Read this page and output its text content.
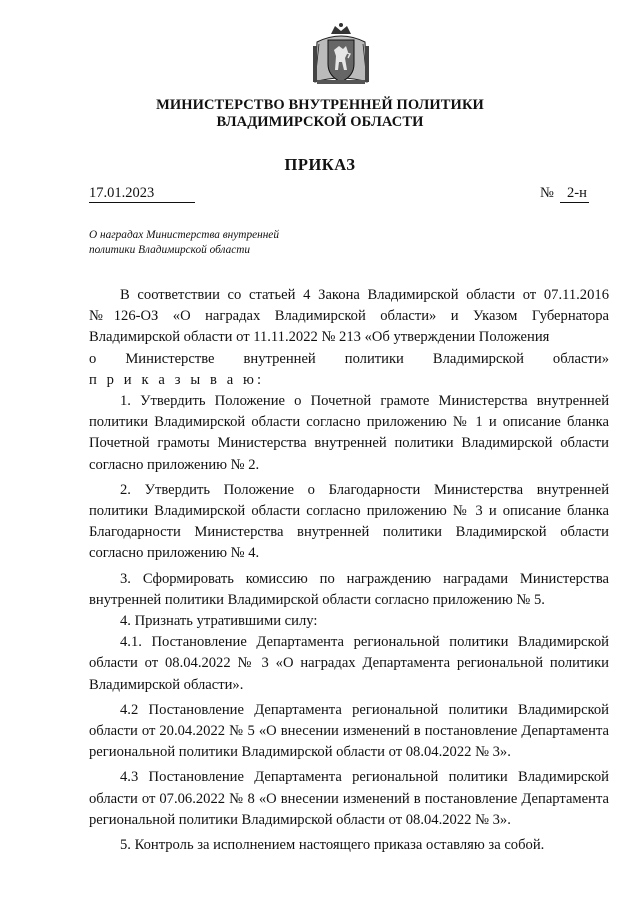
МИНИСТЕРСТВО ВНУТРЕННЕЙ ПОЛИТИКИ
ВЛАДИМИРСКОЙ ОБЛАСТИ
ПРИКАЗ
17.01.2023	№ 2-н
О наградах Министерства внутренней
политики Владимирской области

В соответствии со статьей 4 Закона Владимирской области от 07.11.2016 №126-ОЗ «О наградах Владимирской области» и Указом Губернатора Владимирской области от 11.11.2022 № 213 «Об утверждении Положения
о Министерстве внутренней политики Владимирской области»
п р и к а з ы в а ю:

1. Утвердить Положение о Почетной грамоте Министерства внутренней политики Владимирской области согласно приложению № 1 и описание бланка Почетной грамоты Министерства внутренней политики Владимирской области согласно приложению № 2.

2. Утвердить Положение о Благодарности Министерства внутренней политики Владимирской области согласно приложению № 3 и описание бланка Благодарности Министерства внутренней политики Владимирской области согласно приложению № 4.

3. Сформировать комиссию по награждению наградами Министерства внутренней политики Владимирской области согласно приложению № 5.

4. Признать утратившими силу:

4.1. Постановление Департамента региональной политики Владимирской области от 08.04.2022 № 3 «О наградах Департамента региональной политики Владимирской области».

4.2 Постановление Департамента региональной политики Владимирской области от 20.04.2022 № 5 «О внесении изменений в постановление Департамента региональной политики Владимирской области от 08.04.2022 № 3».

4.3 Постановление Департамента региональной политики Владимирской области от 07.06.2022 № 8 «О внесении изменений в постановление Департамента региональной политики Владимирской области от 08.04.2022 № 3».

5. Контроль за исполнением настоящего приказа оставляю за собой.
